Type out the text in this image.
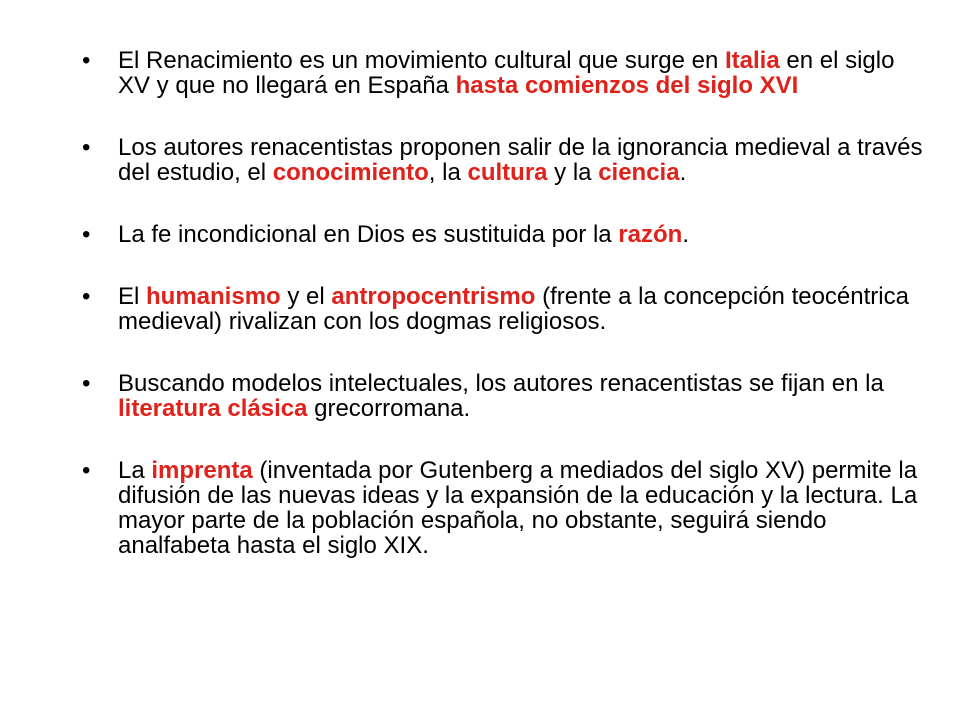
• El Renacimiento es un movimiento cultural que surge en Italia en el siglo XV y que no llegará en España hasta comienzos del siglo XVI
• Los autores renacentistas proponen salir de la ignorancia medieval a través del estudio, el conocimiento, la cultura y la ciencia.
• La fe incondicional en Dios es sustituida por la razón.
• El humanismo y el antropocentrismo (frente a la concepción teocéntrica medieval) rivalizan con los dogmas religiosos.
• Buscando modelos intelectuales, los autores renacentistas se fijan en la literatura clásica grecorromana.
• La imprenta (inventada por Gutenberg a mediados del siglo XV) permite la difusión de las nuevas ideas y la expansión de la educación y la lectura. La mayor parte de la población española, no obstante, seguirá siendo analfabeta hasta el siglo XIX.
